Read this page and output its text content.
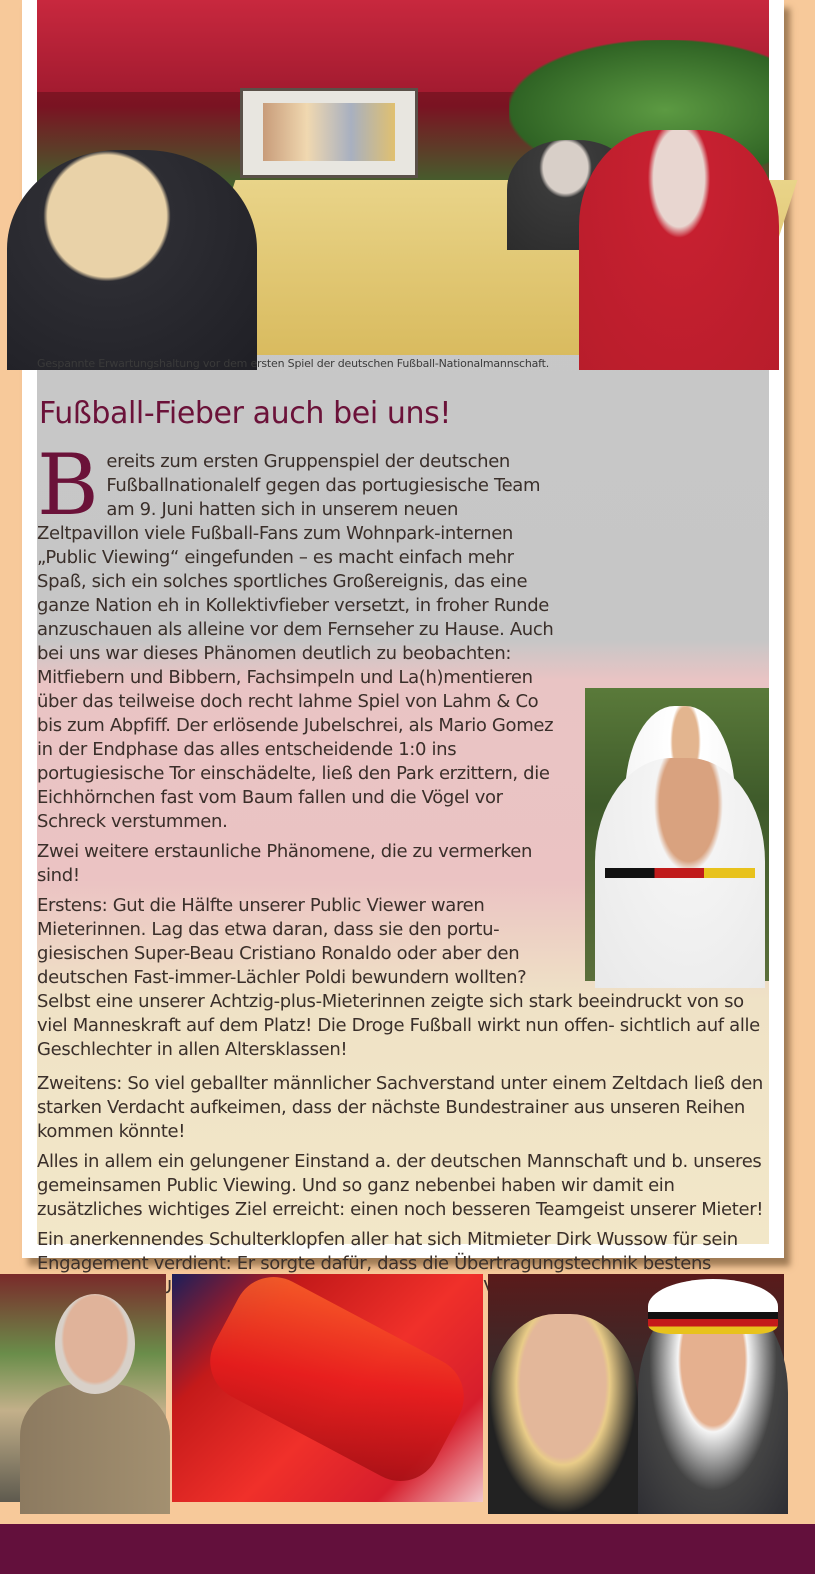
Gespannte Erwartungshaltung vor dem ersten Spiel der deutschen Fußball-Nationalmannschaft.
Fußball-Fieber auch bei uns!

B ereits zum ersten Gruppenspiel der deutschen Fußballnationalelf gegen das portugiesische Team am 9. Juni hatten sich in unserem neuen Zeltpavillon viele Fußball-Fans zum Wohnpark-internen „Public Viewing“ eingefunden – es macht einfach mehr Spaß, sich ein solches sportliches Großereignis, das eine ganze Nation eh in Kollektivfieber versetzt, in froher Runde anzuschauen als alleine vor dem Fernseher zu Hause. Auch bei uns war dieses Phänomen deutlich zu beobachten: Mitfiebern und Bibbern, Fachsimpeln und La(h)mentieren über das teilweise doch recht lahme Spiel von Lahm & Co bis zum Abpfiff. Der erlösende Jubelschrei, als Mario Gomez in der Endphase das alles entscheidende 1:0 ins portugiesische Tor einschädelte, ließ den Park erzittern, die Eichhörnchen fast vom Baum fallen und die Vögel vor Schreck verstummen.

Zwei weitere erstaunliche Phänomene, die zu vermerken sind!

Erstens: Gut die Hälfte unserer Public Viewer waren Mieterinnen. Lag das etwa daran, dass sie den portu-giesischen Super-Beau Cristiano Ronaldo oder aber den deutschen Fast-immer-Lächler Poldi bewundern wollten? Selbst eine unserer Achtzig-plus-Mieterinnen zeigte sich stark beeindruckt von so viel Manneskraft auf dem Platz! Die Droge Fußball wirkt nun offen- sichtlich auf alle Geschlechter in allen Altersklassen!

Zweitens: So viel geballter männlicher Sachverstand unter einem Zeltdach ließ den starken Verdacht aufkeimen, dass der nächste Bundestrainer aus unseren Reihen kommen könnte!

Alles in allem ein gelungener Einstand a. der deutschen Mannschaft und b. unseres gemeinsamen Public Viewing. Und so ganz nebenbei haben wir damit ein zusätzliches wichtiges Ziel erreicht: einen noch besseren Teamgeist unserer Mieter!

Ein anerkennendes Schulterklopfen aller hat sich Mitmieter Dirk Wussow für sein Engagement verdient: Er sorgte dafür, dass die Übertragungstechnik bestens
